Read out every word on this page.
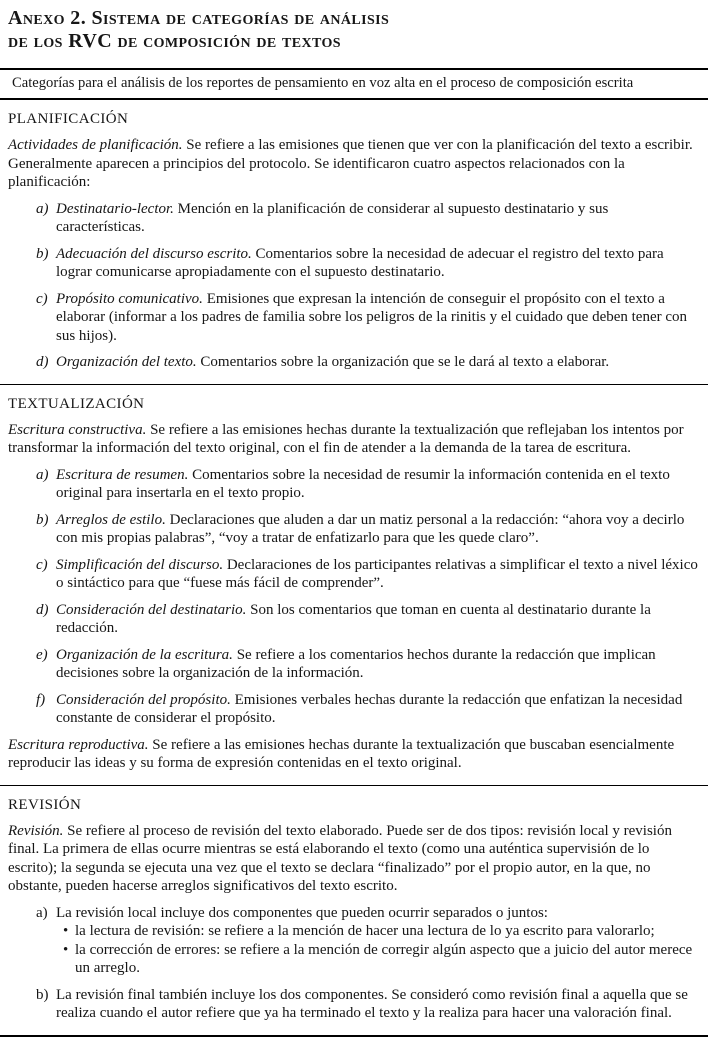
Anexo 2. Sistema de categorías de análisis
de los RVC de composición de textos
Categorías para el análisis de los reportes de pensamiento en voz alta en el proceso de composición escrita
PLANIFICACIÓN

Actividades de planificación. Se refiere a las emisiones que tienen que ver con la planificación del texto a escribir. Generalmente aparecen a principios del protocolo. Se identificaron cuatro aspectos relacionados con la planificación:

a) Destinatario-lector. Mención en la planificación de considerar al supuesto destinatario y sus características.
b) Adecuación del discurso escrito. Comentarios sobre la necesidad de adecuar el registro del texto para lograr comunicarse apropiadamente con el supuesto destinatario.
c) Propósito comunicativo. Emisiones que expresan la intención de conseguir el propósito con el texto a elaborar (informar a los padres de familia sobre los peligros de la rinitis y el cuidado que deben tener con sus hijos).
d) Organización del texto. Comentarios sobre la organización que se le dará al texto a elaborar.
TEXTUALIZACIÓN

Escritura constructiva. Se refiere a las emisiones hechas durante la textualización que reflejaban los intentos por transformar la información del texto original, con el fin de atender a la demanda de la tarea de escritura.

a) Escritura de resumen. Comentarios sobre la necesidad de resumir la información contenida en el texto original para insertarla en el texto propio.
b) Arreglos de estilo. Declaraciones que aluden a dar un matiz personal a la redacción: “ahora voy a decirlo con mis propias palabras”, “voy a tratar de enfatizarlo para que les quede claro”.
c) Simplificación del discurso. Declaraciones de los participantes relativas a simplificar el texto a nivel léxico o sintáctico para que “fuese más fácil de comprender”.
d) Consideración del destinatario. Son los comentarios que toman en cuenta al destinatario durante la redacción.
e) Organización de la escritura. Se refiere a los comentarios hechos durante la redacción que implican decisiones sobre la organización de la información.
f) Consideración del propósito. Emisiones verbales hechas durante la redacción que enfatizan la necesidad constante de considerar el propósito.

Escritura reproductiva. Se refiere a las emisiones hechas durante la textualización que buscaban esencialmente reproducir las ideas y su forma de expresión contenidas en el texto original.

REVISIÓN

Revisión. Se refiere al proceso de revisión del texto elaborado. Puede ser de dos tipos: revisión local y revisión final. La primera de ellas ocurre mientras se está elaborando el texto (como una auténtica supervisión de lo escrito); la segunda se ejecuta una vez que el texto se declara “finalizado” por el propio autor, en la que, no obstante, pueden hacerse arreglos significativos del texto escrito.

a) La revisión local incluye dos componentes que pueden ocurrir separados o juntos:
• la lectura de revisión: se refiere a la mención de hacer una lectura de lo ya escrito para valorarlo;
• la corrección de errores: se refiere a la mención de corregir algún aspecto que a juicio del autor merece un arreglo.
b) La revisión final también incluye los dos componentes. Se consideró como revisión final a aquella que se realiza cuando el autor refiere que ya ha terminado el texto y la realiza para hacer una valoración final.
